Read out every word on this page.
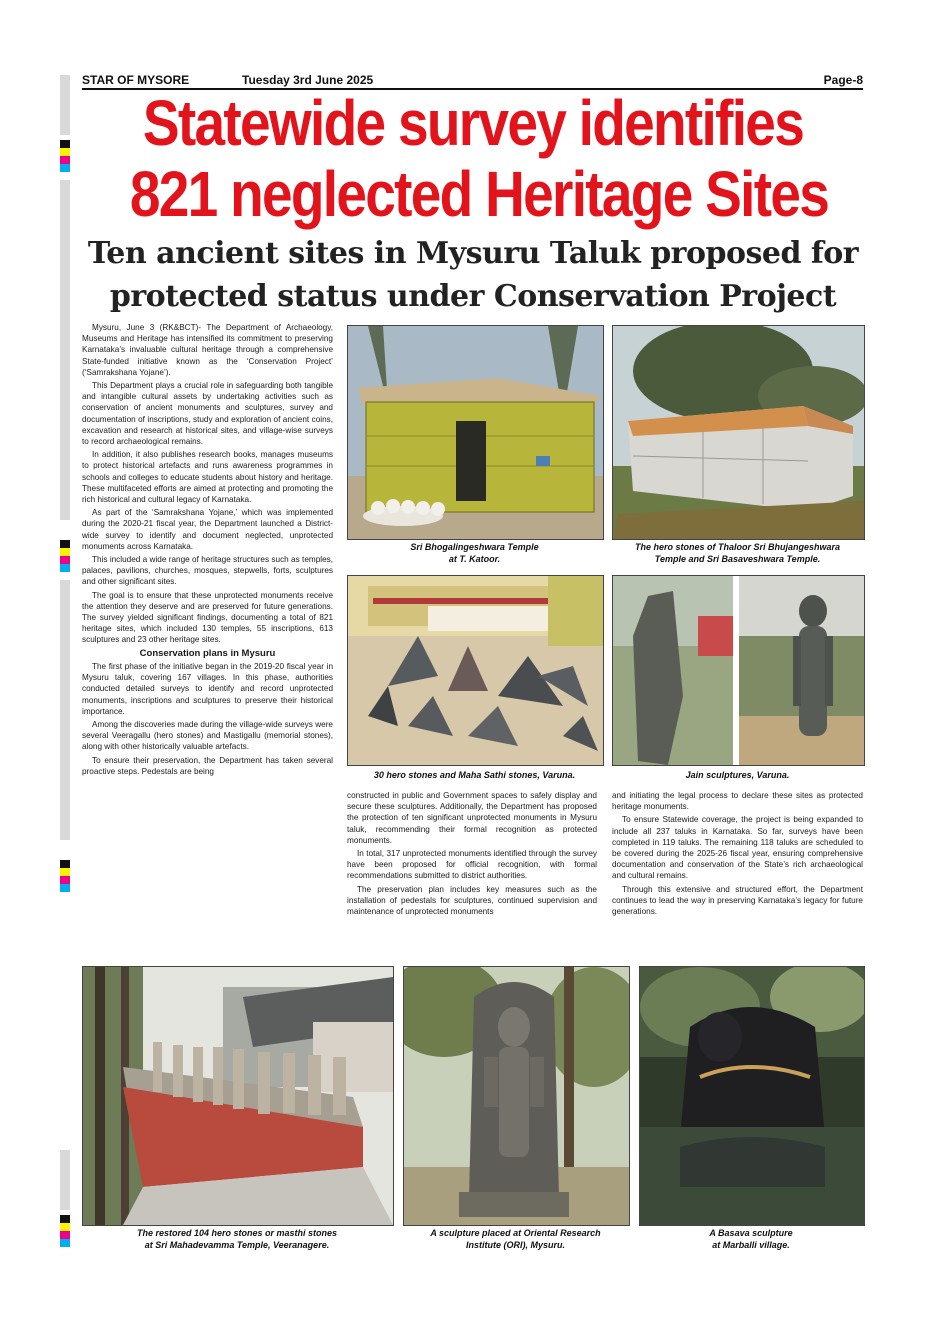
STAR OF MYSORE	Tuesday 3rd June 2025	Page-8
Statewide survey identifies
821 neglected Heritage Sites
Ten ancient sites in Mysuru Taluk proposed for
protected status under Conservation Project

Mysuru, June 3 (RK&BCT)- The Department of Archaeology, Museums and Heritage has intensified its commitment to preserving Karnataka’s invaluable cultural heritage through a comprehensive State-funded initiative known as the ‘Conservation Project’ (‘Samrakshana Yojane’).

This Department plays a crucial role in safeguarding both tangible and intangible cultural assets by undertaking activities such as conservation of ancient monuments and sculptures, survey and documentation of inscriptions, study and exploration of ancient coins, excavation and research at historical sites, and village-wise surveys to record archaeological remains.

In addition, it also publishes research books, manages museums to protect historical artefacts and runs awareness programmes in schools and colleges to educate students about history and heritage. These multifaceted efforts are aimed at protecting and promoting the rich historical and cultural legacy of Karnataka.

As part of the ‘Samrakshana Yojane,’ which was implemented during the 2020-21 fiscal year, the Department launched a District-wide survey to identify and document neglected, unprotected monuments across Karnataka.

This included a wide range of heritage structures such as temples, palaces, pavilions, churches, mosques, stepwells, forts, sculptures and other significant sites.

The goal is to ensure that these unprotected monuments receive the attention they deserve and are preserved for future generations. The survey yielded significant findings, documenting a total of 821 heritage sites, which included 130 temples, 55 inscriptions, 613 sculptures and 23 other heritage sites.

Conservation plans in Mysuru

The first phase of the initiative began in the 2019-20 fiscal year in Mysuru taluk, covering 167 villages. In this phase, authorities conducted detailed surveys to identify and record unprotected monuments, inscriptions and sculptures to preserve their historical importance.

Among the discoveries made during the village-wide surveys were several Veeragallu (hero stones) and Mastigallu (memorial stones), along with other historically valuable artefacts.

To ensure their preservation, the Department has taken several proactive steps. Pedestals are being

Sri Bhogalingeshwara Temple
at T. Katoor.
The hero stones of Thaloor Sri Bhujangeshwara
Temple and Sri Basaveshwara Temple.
30 hero stones and Maha Sathi stones, Varuna.	Jain sculptures, Varuna.

constructed in public and Government spaces to safely display and secure these sculptures. Additionally, the Department has proposed the protection of ten significant unprotected monuments in Mysuru taluk, recommending their formal recognition as protected monuments.

In total, 317 unprotected monuments identified through the survey have been proposed for official recognition, with formal recommendations submitted to district authorities.

The preservation plan includes key measures such as the installation of pedestals for sculptures, continued supervision and maintenance of unprotected monuments

and initiating the legal process to declare these sites as protected heritage monuments.

To ensure Statewide coverage, the project is being expanded to include all 237 taluks in Karnataka. So far, surveys have been completed in 119 taluks. The remaining 118 taluks are scheduled to be covered during the 2025-26 fiscal year, ensuring comprehensive documentation and conservation of the State’s rich archaeological and cultural remains.

Through this extensive and structured effort, the Department continues to lead the way in preserving Karnataka’s legacy for future generations.

The restored 104 hero stones or masthi stones
at Sri Mahadevamma Temple, Veeranagere.
A sculpture placed at Oriental Research
Institute (ORI), Mysuru.
A Basava sculpture
at Marballi village.
